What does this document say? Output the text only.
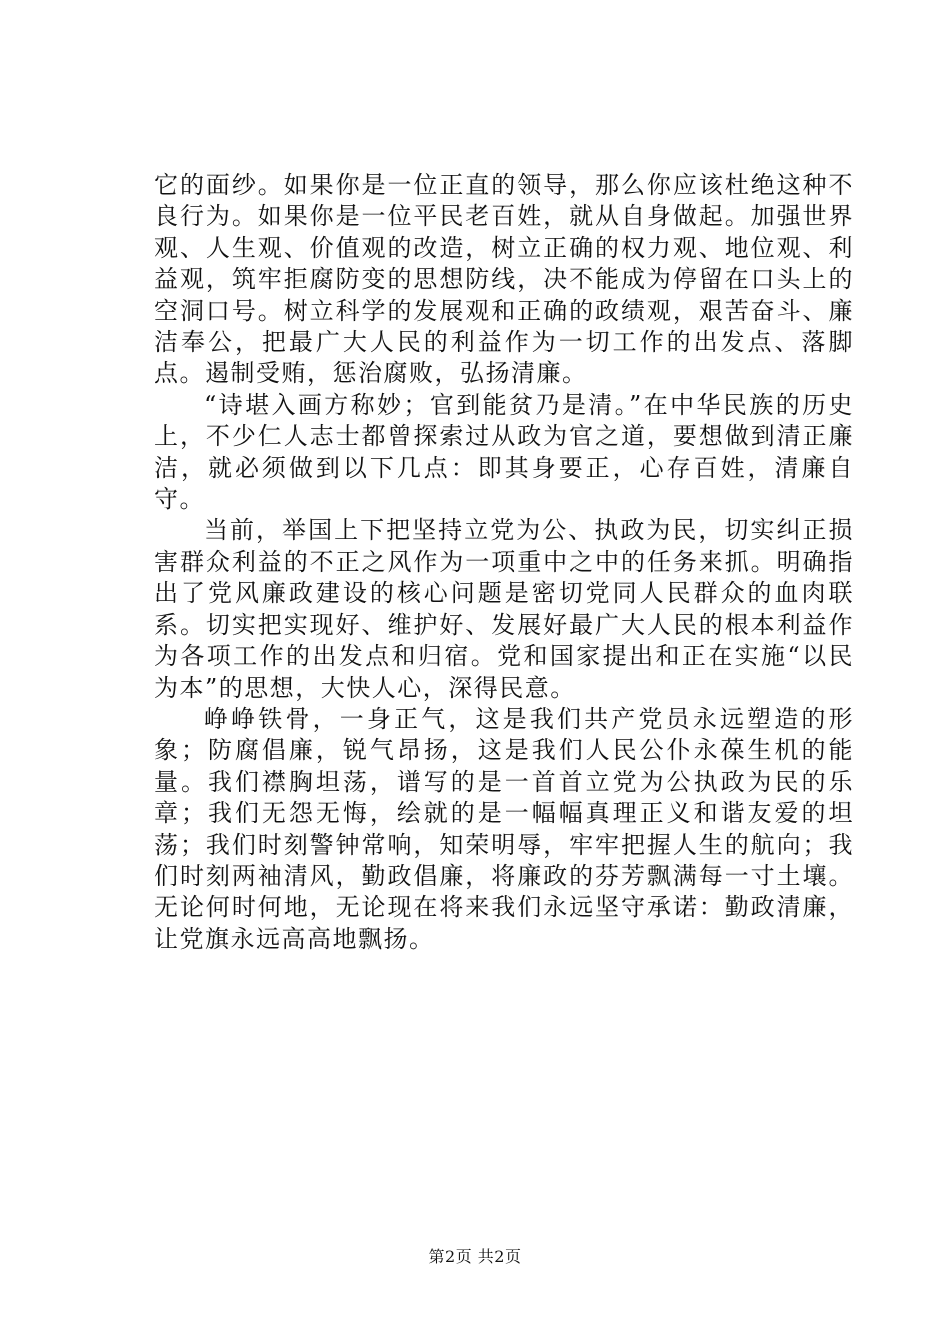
它的面纱。如果你是一位正直的领导，那么你应该杜绝这种不良行为。如果你是一位平民老百姓，就从自身做起。加强世界观、人生观、价值观的改造，树立正确的权力观、地位观、利益观，筑牢拒腐防变的思想防线，决不能成为停留在口头上的空洞口号。树立科学的发展观和正确的政绩观，艰苦奋斗、廉洁奉公，把最广大人民的利益作为一切工作的出发点、落脚点。遏制受贿，惩治腐败，弘扬清廉。

“诗堪入画方称妙；官到能贫乃是清。”在中华民族的历史上，不少仁人志士都曾探索过从政为官之道，要想做到清正廉洁，就必须做到以下几点：即其身要正，心存百姓，清廉自守。

当前，举国上下把坚持立党为公、执政为民，切实纠正损害群众利益的不正之风作为一项重中之中的任务来抓。明确指出了党风廉政建设的核心问题是密切党同人民群众的血肉联系。切实把实现好、维护好、发展好最广大人民的根本利益作为各项工作的出发点和归宿。党和国家提出和正在实施“以民为本”的思想，大快人心，深得民意。

峥峥铁骨，一身正气，这是我们共产党员永远塑造的形象；防腐倡廉，锐气昂扬，这是我们人民公仆永葆生机的能量。我们襟胸坦荡，谱写的是一首首立党为公执政为民的乐章；我们无怨无悔，绘就的是一幅幅真理正义和谐友爱的坦荡；我们时刻警钟常响，知荣明辱，牢牢把握人生的航向；我们时刻两袖清风，勤政倡廉，将廉政的芬芳飘满每一寸土壤。无论何时何地，无论现在将来我们永远坚守承诺：勤政清廉，让党旗永远高高地飘扬。

第2页 共2页
